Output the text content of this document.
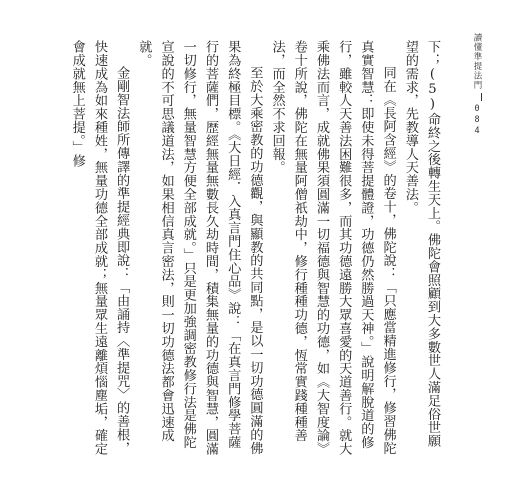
讀懂準提法門
084

下；(5)命終之後轉生天上。佛陀會照顧到大多數世人滿足俗世願望的需求，先教導人天善法。

同在《長阿含經》的卷十，佛陀說：「只應當精進修行，修習佛陀真實智慧：即使未得菩提體證，功德仍然勝過天神。」說明解脫道的修行，雖較人天善法困難很多，而其功德遠勝大眾喜愛的天道善行。就大乘佛法而言，成就佛果須圓滿一切福德與智慧的功德，如《大智度論》卷十所說，佛陀在無量阿僧祇劫中，修行種種功德，恆常實踐種種善法，而全然不求回報。

至於大乘密教的功德觀，與顯教的共同點，是以一切功德圓滿的佛果為終極目標。《大日經．入真言門住心品》說：「在真言門修學菩薩行的菩薩們，歷經無量無數長久劫時間，積集無量的功德與智慧，圓滿一切修行，無量智慧方便全部成就。」只是更加強調密教修行法是佛陀宣說的不可思議道法，如果相信真言密法，則一切功德法都會迅速成就。

金剛智法師所傳譯的準提經典即說：「由誦持〈準提咒〉的善根，快速成為如來種姓，無量功德全部成就；無量眾生遠離煩惱塵垢，確定會成就無上菩提。」修
